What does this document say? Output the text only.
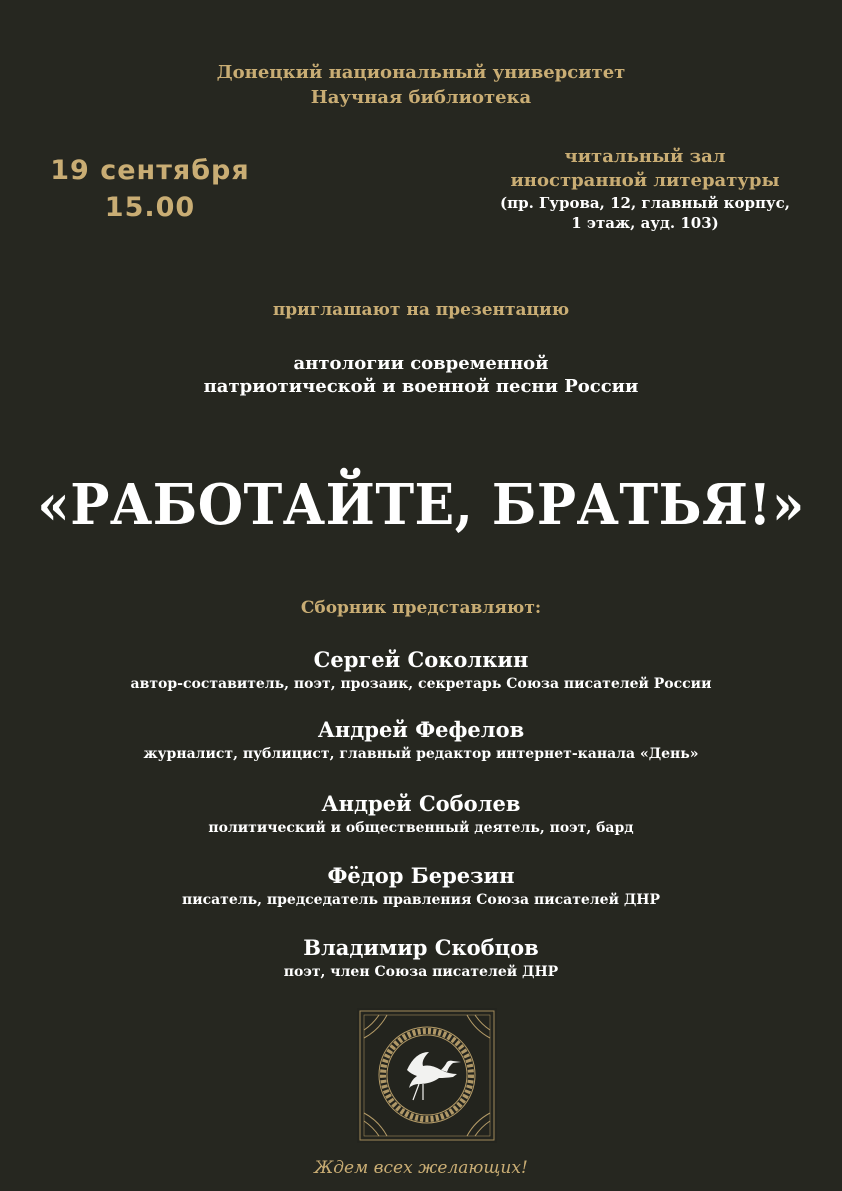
Донецкий национальный университет
Научная библиотека
19 сентября
15.00
читальный зал
иностранной литературы
(пр. Гурова, 12, главный корпус,
1 этаж, ауд. 103)
приглашают на презентацию
антологии современной
патриотической и военной песни России
«РАБОТАЙТЕ, БРАТЬЯ!»
Сборник представляют:
Сергей Соколкин
автор-составитель, поэт, прозаик, секретарь Союза писателей России
Андрей Фефелов
журналист, публицист, главный редактор интернет-канала «День»
Андрей Соболев
политический и общественный деятель, поэт, бард
Фёдор Березин
писатель, председатель правления Союза писателей ДНР
Владимир Скобцов
поэт, член Союза писателей ДНР
Ждем всех желающих!
